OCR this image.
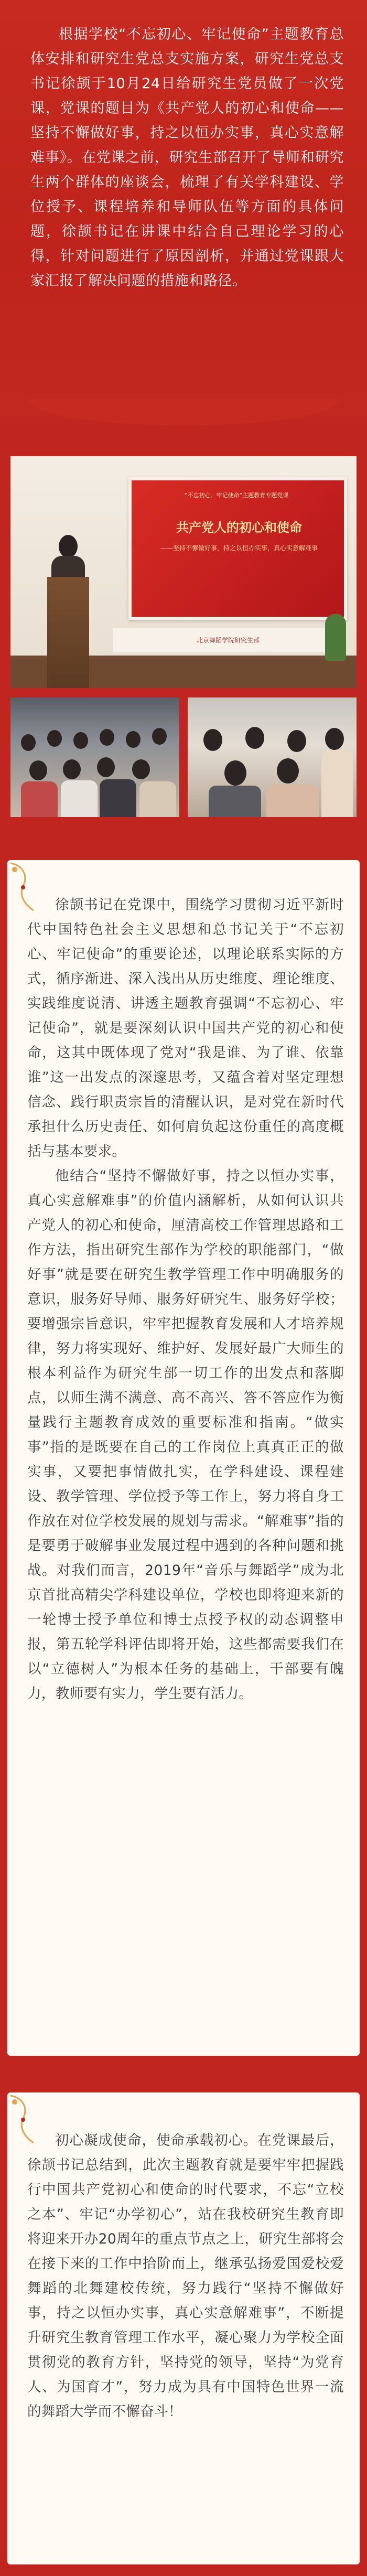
根据学校“不忘初心、牢记使命”主题教育总体安排和研究生党总支实施方案，研究生党总支书记徐颉于10月24日给研究生党员做了一次党课，党课的题目为《共产党人的初心和使命——坚持不懈做好事，持之以恒办实事，真心实意解难事》。在党课之前，研究生部召开了导师和研究生两个群体的座谈会，梳理了有关学科建设、学位授予、课程培养和导师队伍等方面的具体问题，徐颉书记在讲课中结合自己理论学习的心得，针对问题进行了原因剖析，并通过党课跟大家汇报了解决问题的措施和路径。
“不忘初心、牢记使命”主题教育专题党课
共产党人的初心和使命
——坚持不懈做好事，持之以恒办实事，真心实意解难事
北京舞蹈学院研究生部

徐颉书记在党课中，围绕学习贯彻习近平新时代中国特色社会主义思想和总书记关于“不忘初心、牢记使命”的重要论述，以理论联系实际的方式，循序渐进、深入浅出从历史维度、理论维度、实践维度说清、讲透主题教育强调“不忘初心、牢记使命”，就是要深刻认识中国共产党的初心和使命，这其中既体现了党对“我是谁、为了谁、依靠谁”这一出发点的深邃思考，又蕴含着对坚定理想信念、践行职责宗旨的清醒认识，是对党在新时代承担什么历史责任、如何肩负起这份重任的高度概括与基本要求。

他结合“坚持不懈做好事，持之以恒办实事，真心实意解难事”的价值内涵解析，从如何认识共产党人的初心和使命，厘清高校工作管理思路和工作方法，指出研究生部作为学校的职能部门，“做好事”就是要在研究生教学管理工作中明确服务的意识，服务好导师、服务好研究生、服务好学校；要增强宗旨意识，牢牢把握教育发展和人才培养规律，努力将实现好、维护好、发展好最广大师生的根本利益作为研究生部一切工作的出发点和落脚点，以师生满不满意、高不高兴、答不答应作为衡量践行主题教育成效的重要标准和指南。“做实事”指的是既要在自己的工作岗位上真真正正的做实事，又要把事情做扎实，在学科建设、课程建设、教学管理、学位授予等工作上，努力将自身工作放在对位学校发展的规划与需求。“解难事”指的是要勇于破解事业发展过程中遇到的各种问题和挑战。对我们而言，2019年“音乐与舞蹈学”成为北京首批高精尖学科建设单位，学校也即将迎来新的一轮博士授予单位和博士点授予权的动态调整申报，第五轮学科评估即将开始，这些都需要我们在以“立德树人”为根本任务的基础上，干部要有魄力，教师要有实力，学生要有活力。

初心凝成使命，使命承载初心。在党课最后，徐颉书记总结到，此次主题教育就是要牢牢把握践行中国共产党初心和使命的时代要求，不忘“立校之本”、牢记“办学初心”，站在我校研究生教育即将迎来开办20周年的重点节点之上，研究生部将会在接下来的工作中拾阶而上，继承弘扬爱国爱校爱舞蹈的北舞建校传统，努力践行“坚持不懈做好事，持之以恒办实事，真心实意解难事”，不断提升研究生教育管理工作水平，凝心聚力为学校全面贯彻党的教育方针，坚持党的领导，坚持“为党育人、为国育才”，努力成为具有中国特色世界一流的舞蹈大学而不懈奋斗！
